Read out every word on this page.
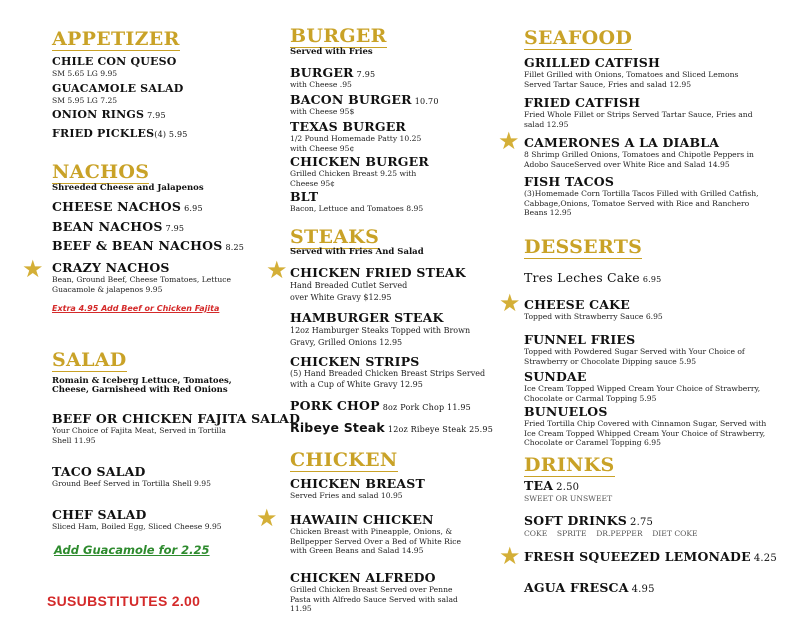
APPETIZER
CHILE CON QUESO
SM 5.65 LG 9.95
GUACAMOLE SALAD
SM 5.95 LG 7.25
ONION RINGS 7.95
FRIED PICKLES(4) 5.95
NACHOS
Shreeded Cheese and Jalapenos
CHEESE NACHOS 6.95
BEAN NACHOS 7.95
BEEF & BEAN NACHOS 8.25
★ CRAZY NACHOS
Bean, Ground Beef, Cheese Tomatoes, Lettuce Guacamole & jalapenos 9.95
Extra 4.95 Add Beef or Chicken Fajita
SALAD
Romain & Iceberg Lettuce, Tomatoes, Cheese, Garnisheed with Red Onions
BEEF OR CHICKEN FAJITA SALAD
Your Choice of Fajita Meat, Served in Tortilla Shell 11.95
TACO SALAD
Ground Beef Served in Tortilla Shell 9.95
CHEF SALAD
Sliced Ham, Boiled Egg, Sliced Cheese 9.95
Add Guacamole for 2.25
SUSUBSTITUTES 2.00
BURGER
Served with Fries
BURGER 7.95
with Cheese .95
BACON BURGER 10.70
with Cheese 95$
TEXAS BURGER
1/2 Pound Homemade Patty 10.25 with Cheese 95¢
CHICKEN BURGER
Grilled Chicken Breast 9.25 with Cheese 95¢
BLT
Bacon, Lettuce and Tomatoes 8.95
STEAKS
Served with Fries And Salad
★ CHICKEN FRIED STEAK
Hand Breaded Cutlet Served over White Gravy $12.95
HAMBURGER STEAK
12oz Hamburger Steaks Topped with Brown Gravy, Grilled Onions 12.95
CHICKEN STRIPS
(5) Hand Breaded Chicken Breast Strips Served with a Cup of White Gravy 12.95
PORK CHOP 8oz Pork Chop 11.95
Ribeye Steak 12oz Ribeye Steak 25.95
CHICKEN
CHICKEN BREAST
Served Fries and salad 10.95
★ HAWAIIN CHICKEN
Chicken Breast with Pineapple, Onions, & Bellpepper Served Over a Bed of White Rice with Green Beans and Salad 14.95
CHICKEN ALFREDO
Grilled Chicken Breast Served over Penne Pasta with Alfredo Sauce Served with salad 11.95
SEAFOOD
GRILLED CATFISH
Fillet Grilled with Onions, Tomatoes and Sliced Lemons Served Tartar Sauce, Fries and salad 12.95
FRIED CATFISH
Fried Whole Fillet or Strips Served Tartar Sauce, Fries and salad 12.95
★ CAMERONES A LA DIABLA
8 Shrimp Grilled Onions, Tomatoes and Chipotle Peppers in Adobo SauceServed over White Rice and Salad 14.95
FISH TACOS
(3)Homemade Corn Tortilla Tacos Filled with Grilled Catfish, Cabbage,Onions, Tomatoe Served with Rice and Ranchero Beans 12.95
DESSERTS
Tres Leches Cake 6.95
★ CHEESE CAKE
Topped with Strawberry Sauce 6.95
FUNNEL FRIES
Topped with Powdered Sugar Served with Your Choice of Strawberry or Chocolate Dipping sauce 5.95
SUNDAE
Ice Cream Topped Wipped Cream Your Choice of Strawberry, Chocolate or Carmal Topping 5.95
BUNUELOS
Fried Tortilla Chip Covered with Cinnamon Sugar, Served with Ice Cream Topped Whipped Cream Your Choice of Strawberry, Chocolate or Caramel Topping 6.95
DRINKS
TEA 2.50
SWEET OR UNSWEET
SOFT DRINKS 2.75
COKE    SPRITE    DR.PEPPER    DIET COKE
★ FRESH SQUEEZED LEMONADE 4.25
AGUA FRESCA 4.95
